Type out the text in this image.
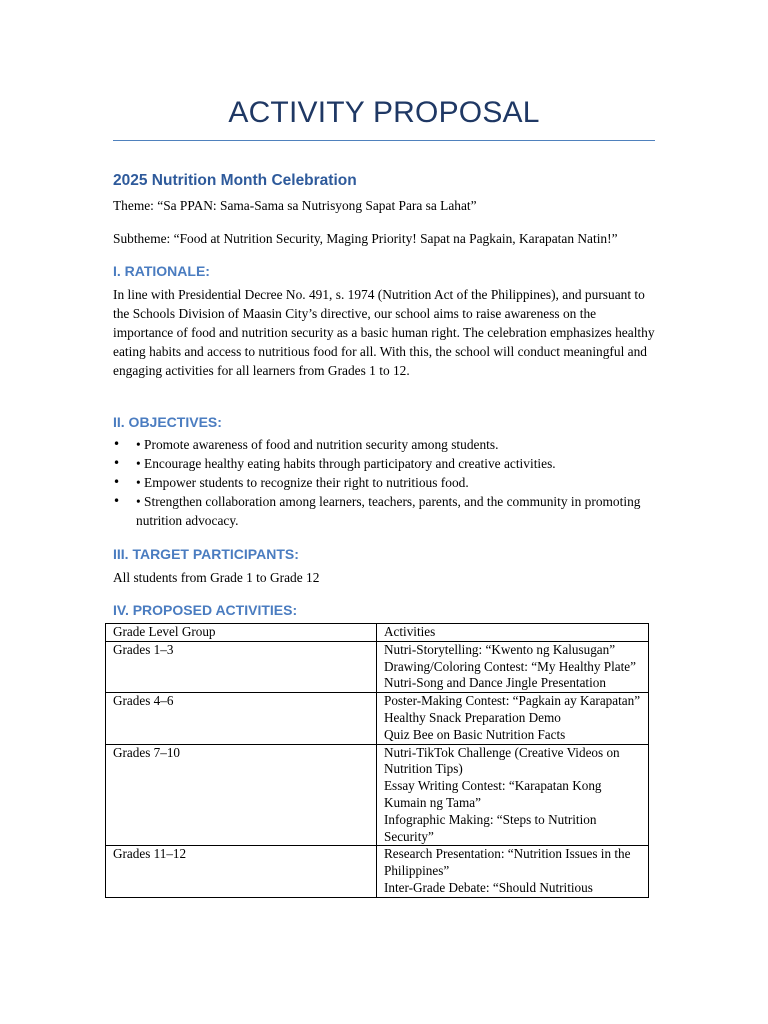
ACTIVITY PROPOSAL
2025 Nutrition Month Celebration
Theme: “Sa PPAN: Sama-Sama sa Nutrisyong Sapat Para sa Lahat”
Subtheme: “Food at Nutrition Security, Maging Priority! Sapat na Pagkain, Karapatan Natin!”
I. RATIONALE:
In line with Presidential Decree No. 491, s. 1974 (Nutrition Act of the Philippines), and pursuant to the Schools Division of Maasin City’s directive, our school aims to raise awareness on the importance of food and nutrition security as a basic human right. The celebration emphasizes healthy eating habits and access to nutritious food for all. With this, the school will conduct meaningful and engaging activities for all learners from Grades 1 to 12.
II. OBJECTIVES:
• • Promote awareness of food and nutrition security among students.
• • Encourage healthy eating habits through participatory and creative activities.
• • Empower students to recognize their right to nutritious food.
• • Strengthen collaboration among learners, teachers, parents, and the community in promoting nutrition advocacy.
III. TARGET PARTICIPANTS:
All students from Grade 1 to Grade 12
IV. PROPOSED ACTIVITIES:
Grade Level Group	Activities
Grades 1–3	Nutri-Storytelling: “Kwento ng Kalusugan”
Drawing/Coloring Contest: “My Healthy Plate”
Nutri-Song and Dance Jingle Presentation

Grades 4–6	Poster-Making Contest: “Pagkain ay Karapatan”
Healthy Snack Preparation Demo
Quiz Bee on Basic Nutrition Facts

Grades 7–10	Nutri-TikTok Challenge (Creative Videos on Nutrition Tips)
Essay Writing Contest: “Karapatan Kong Kumain ng Tama”
Infographic Making: “Steps to Nutrition Security”

Grades 11–12	Research Presentation: “Nutrition Issues in the Philippines”
Inter-Grade Debate: “Should Nutritious
